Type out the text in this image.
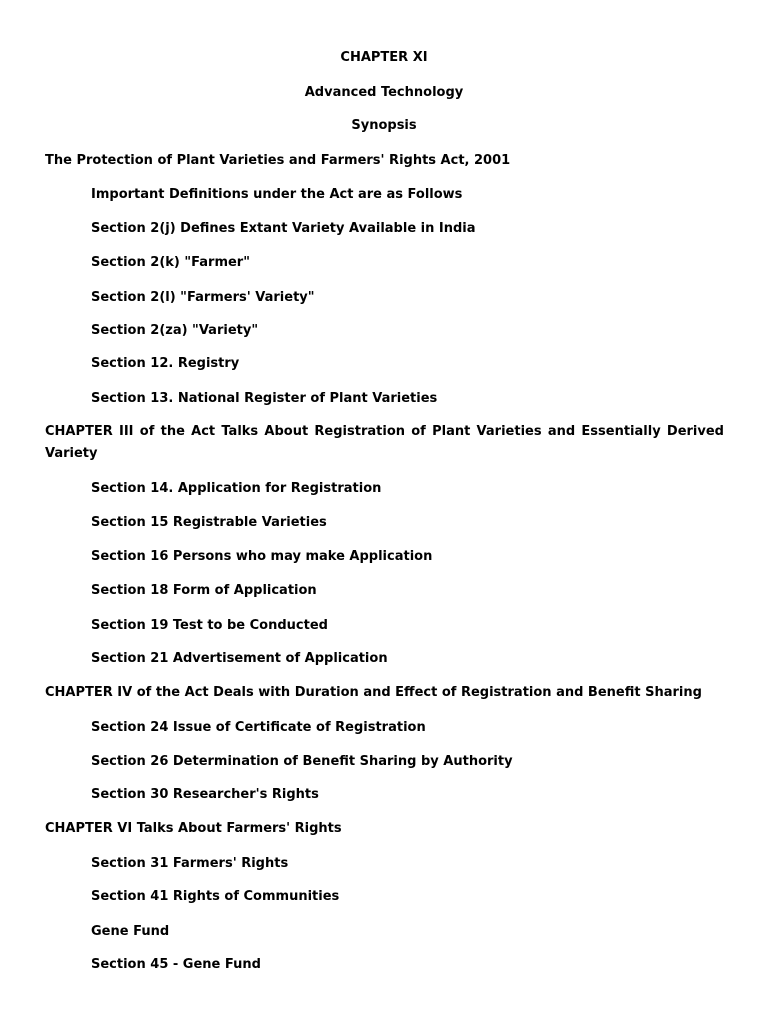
CHAPTER XI
Advanced Technology
Synopsis
The Protection of Plant Varieties and Farmers' Rights Act, 2001
Important Definitions under the Act are as Follows
Section 2(j) Defines Extant Variety Available in India
Section 2(k) "Farmer"
Section 2(l) "Farmers' Variety"
Section 2(za) "Variety"
Section 12. Registry
Section 13. National Register of Plant Varieties
CHAPTER III of the Act Talks About Registration of Plant Varieties and Essentially Derived Variety
Section 14. Application for Registration
Section 15 Registrable Varieties
Section 16 Persons who may make Application
Section 18 Form of Application
Section 19 Test to be Conducted
Section 21 Advertisement of Application
CHAPTER IV of the Act Deals with Duration and Effect of Registration and Benefit Sharing
Section 24 Issue of Certificate of Registration
Section 26 Determination of Benefit Sharing by Authority
Section 30 Researcher's Rights
CHAPTER VI Talks About Farmers' Rights
Section 31 Farmers' Rights
Section 41 Rights of Communities
Gene Fund
Section 45 - Gene Fund
